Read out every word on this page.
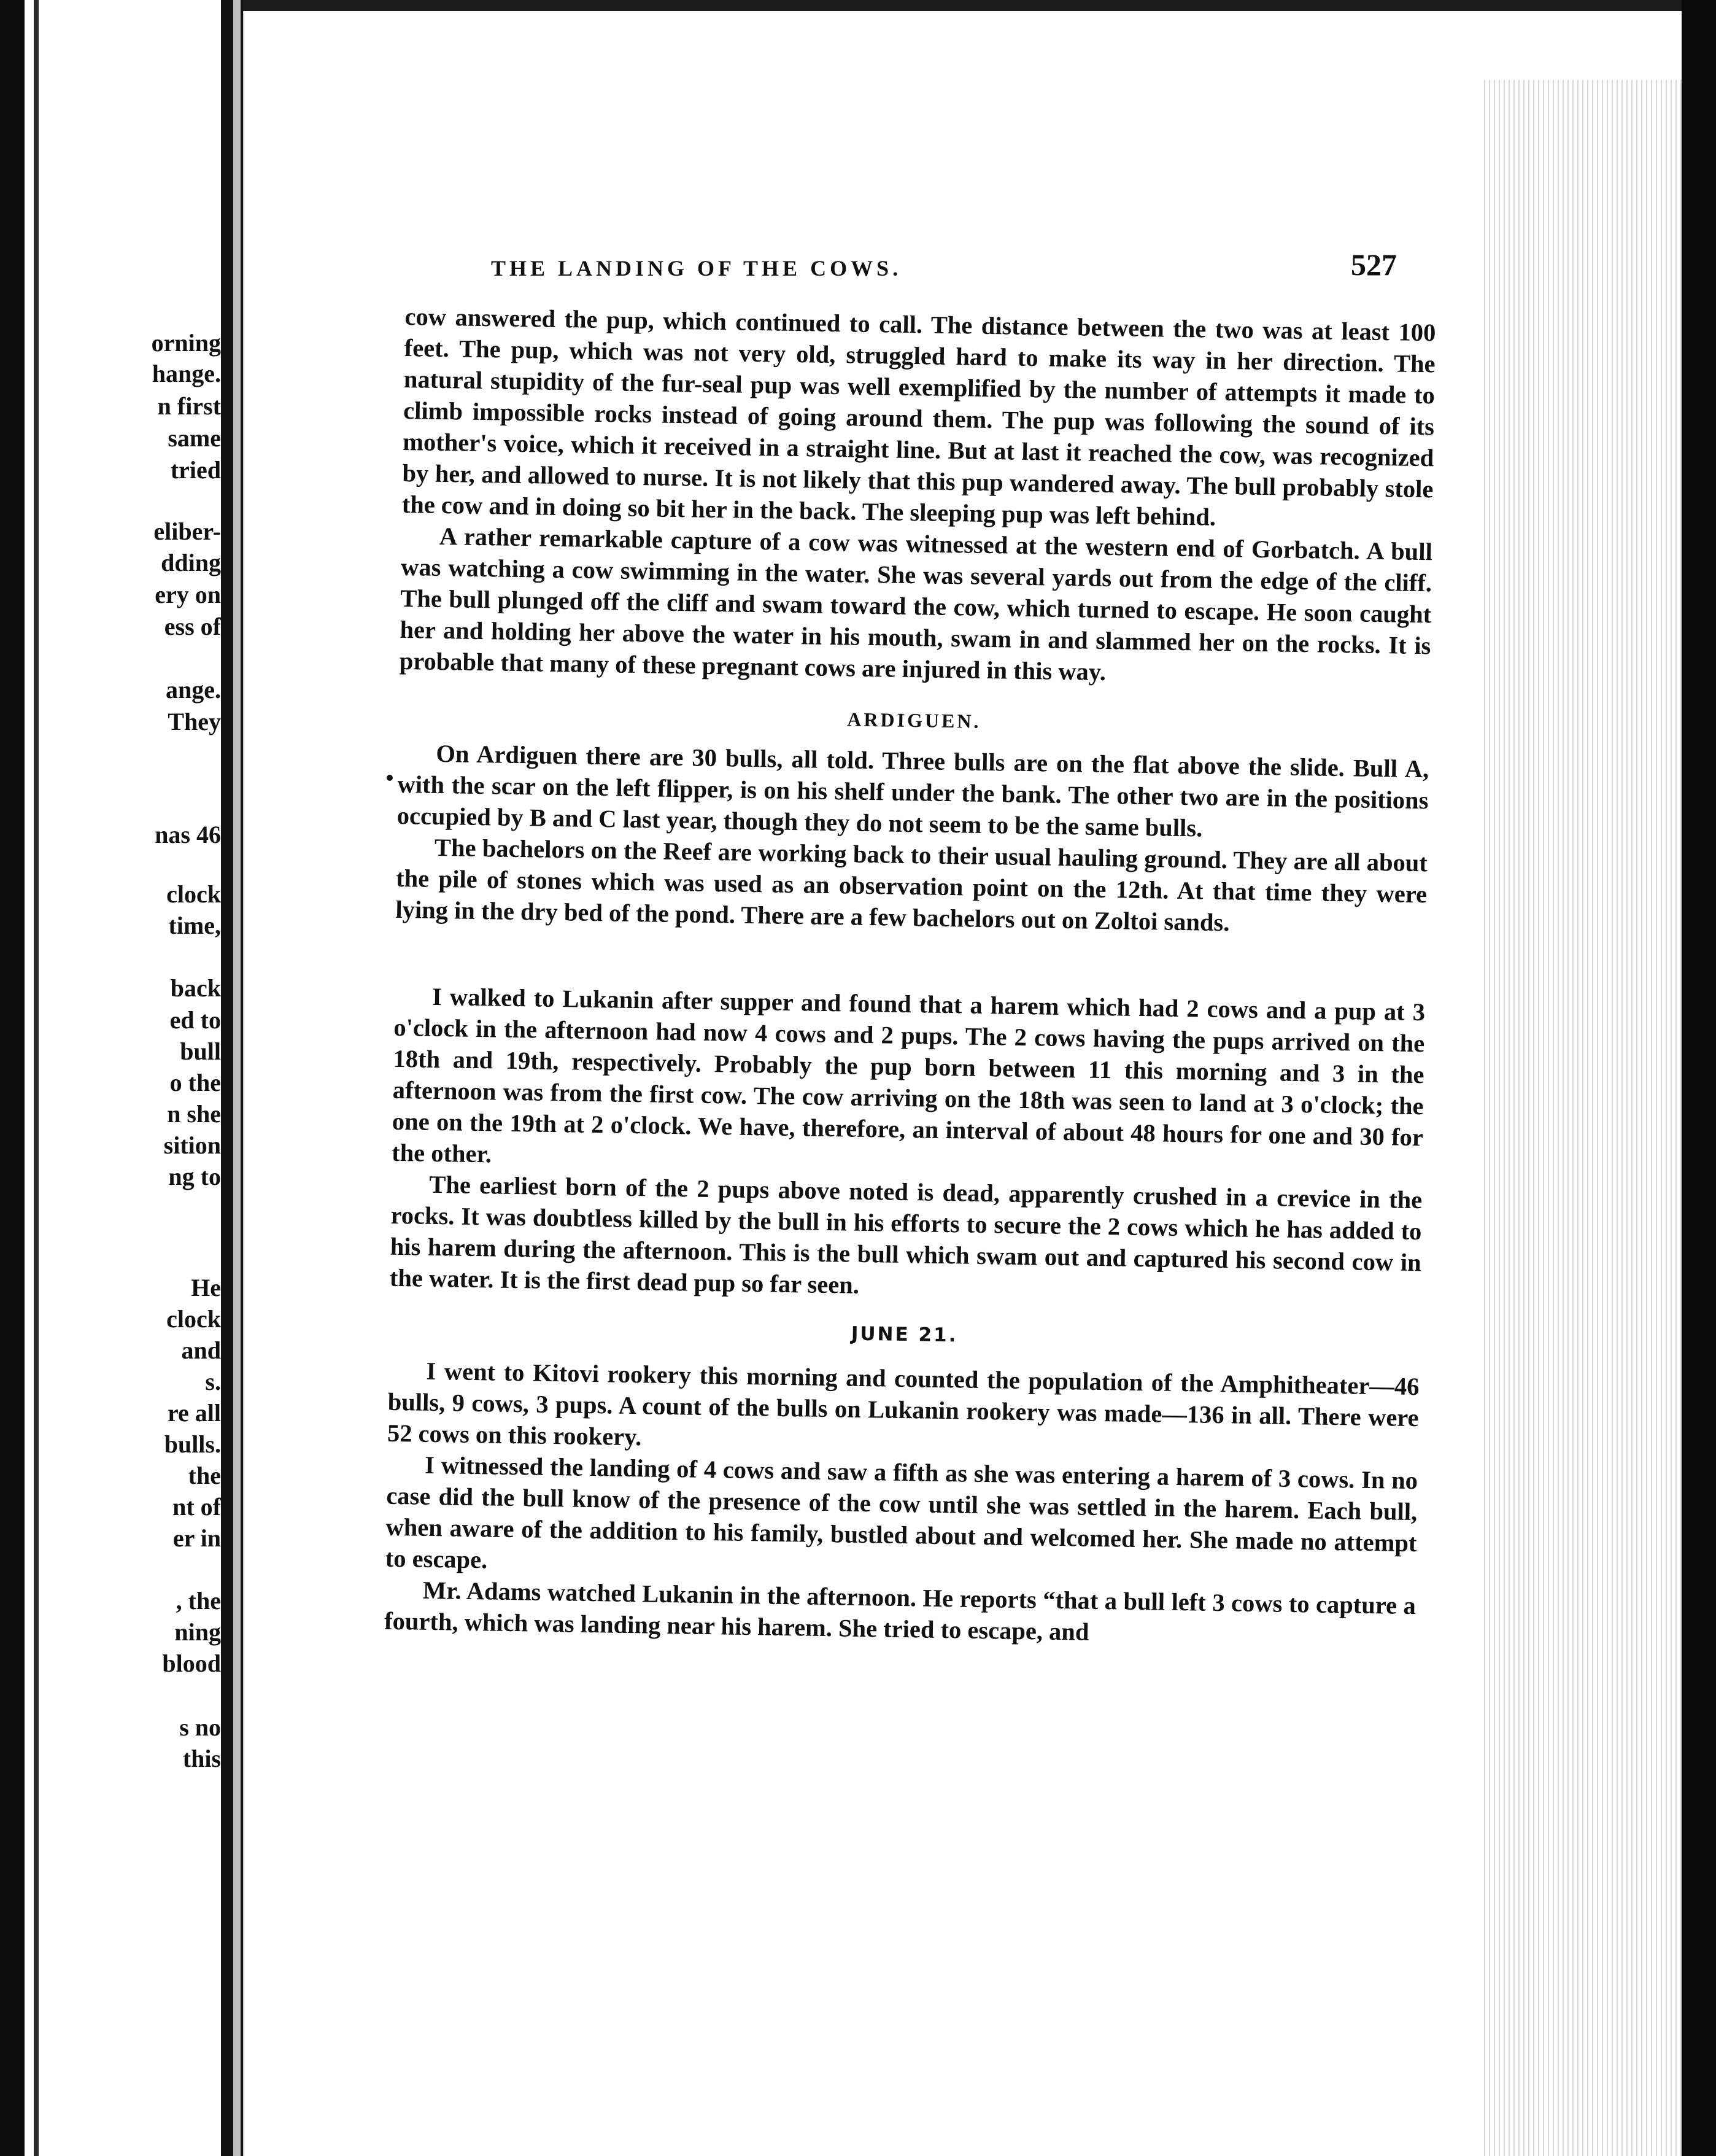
orning

hange.

n first

same

tried

eliber-

dding

ery on

ess of

ange.

They

nas 46

clock

time,

back

ed to

bull

o the

n she

sition

ng to

He

clock

and

s.

re all

bulls.

the

nt of

er in

, the

ning

blood

s no

this

THE LANDING OF THE COWS.	527

cow answered the pup, which continued to call. The distance between the two was at least 100 feet. The pup, which was not very old, struggled hard to make its way in her direction. The natural stupidity of the fur-seal pup was well exemplified by the number of attempts it made to climb impossible rocks instead of going around them. The pup was following the sound of its mother's voice, which it received in a straight line. But at last it reached the cow, was recognized by her, and allowed to nurse. It is not likely that this pup wandered away. The bull probably stole the cow and in doing so bit her in the back. The sleeping pup was left behind.

A rather remarkable capture of a cow was witnessed at the western end of Gorbatch. A bull was watching a cow swimming in the water. She was several yards out from the edge of the cliff. The bull plunged off the cliff and swam toward the cow, which turned to escape. He soon caught her and holding her above the water in his mouth, swam in and slammed her on the rocks. It is probable that many of these pregnant cows are injured in this way.

ARDIGUEN.

On Ardiguen there are 30 bulls, all told. Three bulls are on the flat above the slide. Bull A, with the scar on the left flipper, is on his shelf under the bank. The other two are in the positions occupied by B and C last year, though they do not seem to be the same bulls.

The bachelors on the Reef are working back to their usual hauling ground. They are all about the pile of stones which was used as an observation point on the 12th. At that time they were lying in the dry bed of the pond. There are a few bachelors out on Zoltoi sands.

I walked to Lukanin after supper and found that a harem which had 2 cows and a pup at 3 o'clock in the afternoon had now 4 cows and 2 pups. The 2 cows having the pups arrived on the 18th and 19th, respectively. Probably the pup born between 11 this morning and 3 in the afternoon was from the first cow. The cow arriving on the 18th was seen to land at 3 o'clock; the one on the 19th at 2 o'clock. We have, therefore, an interval of about 48 hours for one and 30 for the other.

The earliest born of the 2 pups above noted is dead, apparently crushed in a crevice in the rocks. It was doubtless killed by the bull in his efforts to secure the 2 cows which he has added to his harem during the afternoon. This is the bull which swam out and captured his second cow in the water. It is the first dead pup so far seen.

JUNE 21.

I went to Kitovi rookery this morning and counted the population of the Amphitheater—46 bulls, 9 cows, 3 pups. A count of the bulls on Lukanin rookery was made—136 in all. There were 52 cows on this rookery.

I witnessed the landing of 4 cows and saw a fifth as she was entering a harem of 3 cows. In no case did the bull know of the presence of the cow until she was settled in the harem. Each bull, when aware of the addition to his family, bustled about and welcomed her. She made no attempt to escape.

Mr. Adams watched Lukanin in the afternoon. He reports “that a bull left 3 cows to capture a fourth, which was landing near his harem. She tried to escape, and
